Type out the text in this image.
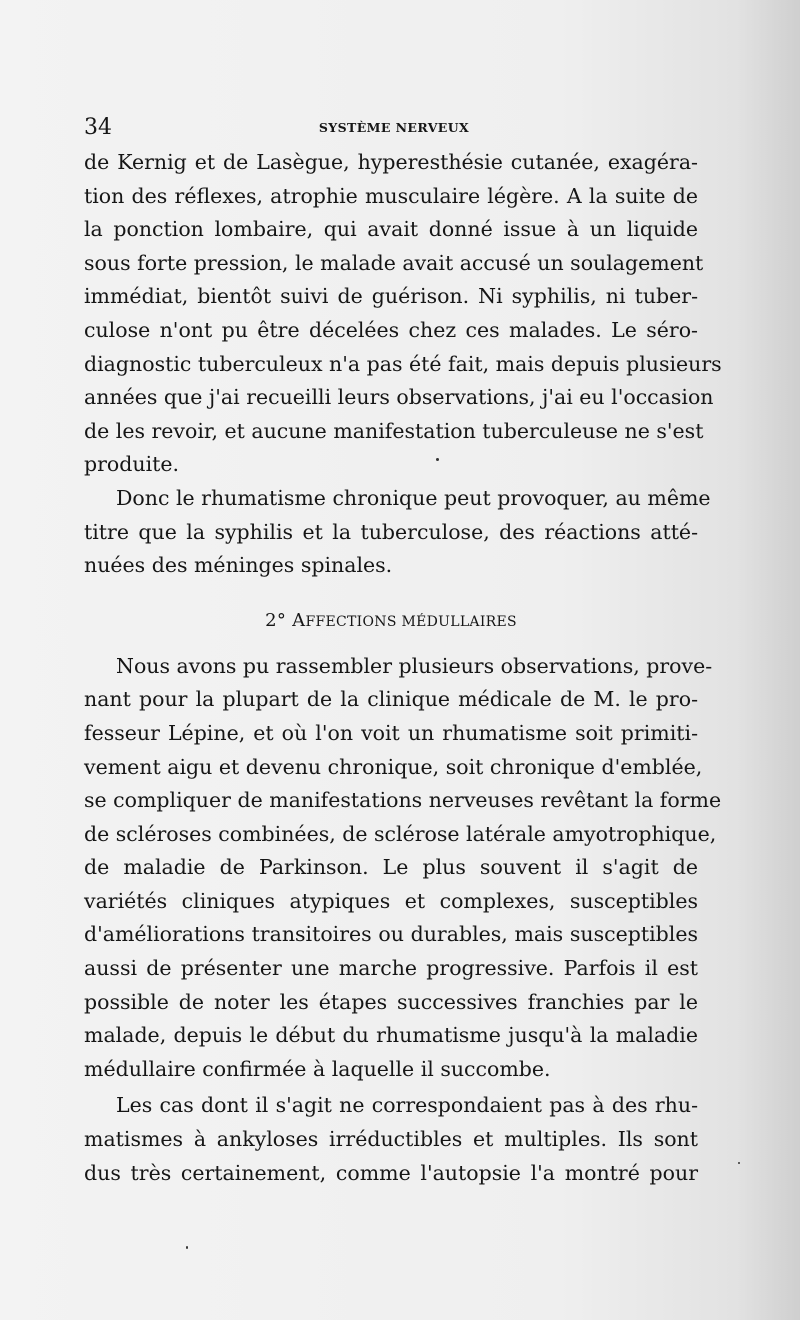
34	SYSTÈME NERVEUX
de Kernig et de Lasègue, hyperesthésie cutanée, exagéra-
tion des réflexes, atrophie musculaire légère. A la suite de
la ponction lombaire, qui avait donné issue à un liquide
sous forte pression, le malade avait accusé un soulagement
immédiat, bientôt suivi de guérison. Ni syphilis, ni tuber-
culose n'ont pu être décelées chez ces malades. Le séro-
diagnostic tuberculeux n'a pas été fait, mais depuis plusieurs
années que j'ai recueilli leurs observations, j'ai eu l'occasion
de les revoir, et aucune manifestation tuberculeuse ne s'est
produite.
Donc le rhumatisme chronique peut provoquer, au même
titre que la syphilis et la tuberculose, des réactions atté-
nuées des méninges spinales.
2° AFFECTIONS MÉDULLAIRES
Nous avons pu rassembler plusieurs observations, prove-
nant pour la plupart de la clinique médicale de M. le pro-
fesseur Lépine, et où l'on voit un rhumatisme soit primiti-
vement aigu et devenu chronique, soit chronique d'emblée,
se compliquer de manifestations nerveuses revêtant la forme
de scléroses combinées, de sclérose latérale amyotrophique,
de maladie de Parkinson. Le plus souvent il s'agit de
variétés cliniques atypiques et complexes, susceptibles
d'améliorations transitoires ou durables, mais susceptibles
aussi de présenter une marche progressive. Parfois il est
possible de noter les étapes successives franchies par le
malade, depuis le début du rhumatisme jusqu'à la maladie
médullaire confirmée à laquelle il succombe.
Les cas dont il s'agit ne correspondaient pas à des rhu-
matismes à ankyloses irréductibles et multiples. Ils sont
dus très certainement, comme l'autopsie l'a montré pour
